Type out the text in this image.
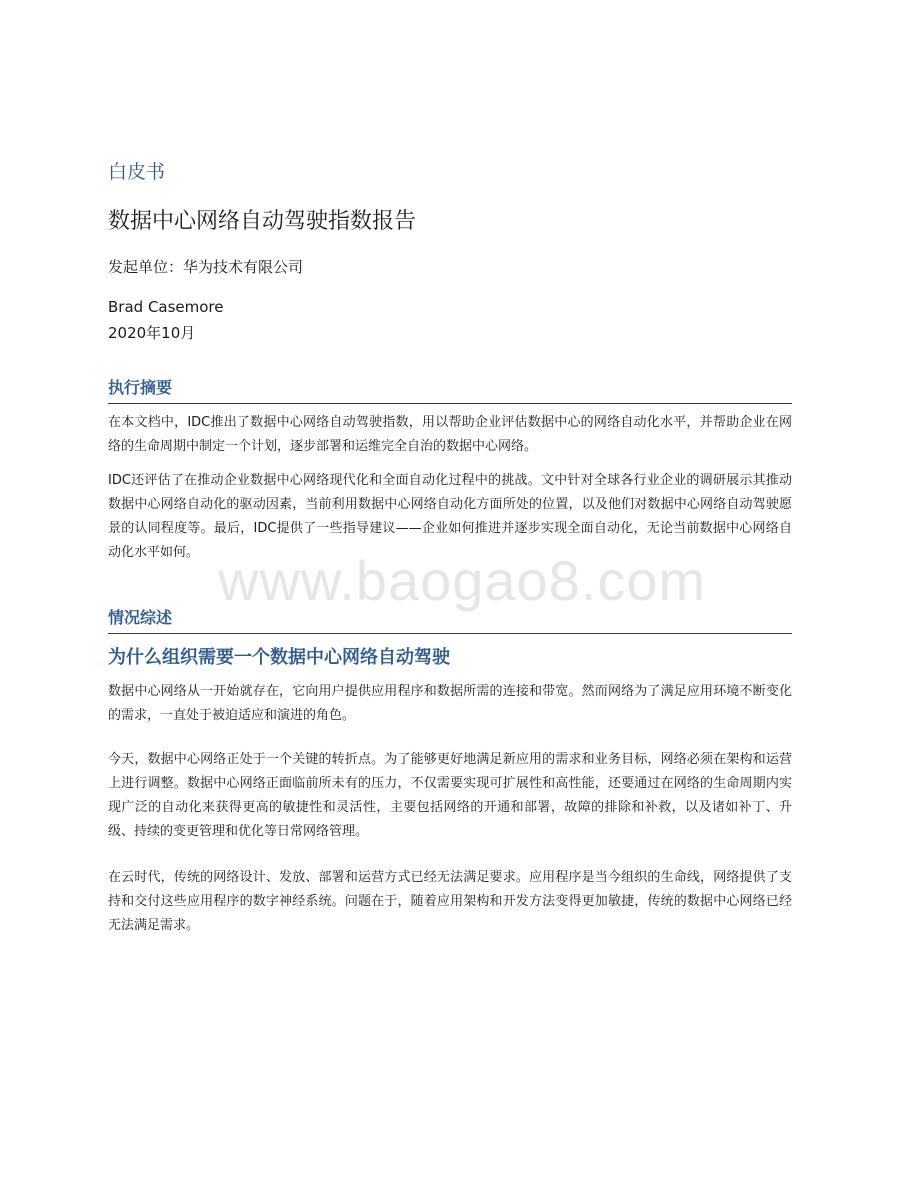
白皮书
数据中心网络自动驾驶指数报告
发起单位：华为技术有限公司
Brad Casemore
2020年10月
执行摘要

在本文档中，IDC推出了数据中心网络自动驾驶指数，用以帮助企业评估数据中心的网络自动化水平，并帮助企业在网络的生命周期中制定一个计划，逐步部署和运维完全自治的数据中心网络。

IDC还评估了在推动企业数据中心网络现代化和全面自动化过程中的挑战。文中针对全球各行业企业的调研展示其推动数据中心网络自动化的驱动因素，当前利用数据中心网络自动化方面所处的位置，以及他们对数据中心网络自动驾驶愿景的认同程度等。最后，IDC提供了一些指导建议——企业如何推进并逐步实现全面自动化，无论当前数据中心网络自动化水平如何。

情况综述
为什么组织需要一个数据中心网络自动驾驶

数据中心网络从一开始就存在，它向用户提供应用程序和数据所需的连接和带宽。然而网络为了满足应用环境不断变化的需求，一直处于被迫适应和演进的角色。

今天，数据中心网络正处于一个关键的转折点。为了能够更好地满足新应用的需求和业务目标，网络必须在架构和运营上进行调整。数据中心网络正面临前所未有的压力，不仅需要实现可扩展性和高性能，还要通过在网络的生命周期内实现广泛的自动化来获得更高的敏捷性和灵活性，主要包括网络的开通和部署，故障的排除和补救，以及诸如补丁、升级、持续的变更管理和优化等日常网络管理。

在云时代，传统的网络设计、发放、部署和运营方式已经无法满足要求。应用程序是当今组织的生命线，网络提供了支持和交付这些应用程序的数字神经系统。问题在于，随着应用架构和开发方法变得更加敏捷，传统的数据中心网络已经无法满足需求。

www.baogao8.com
